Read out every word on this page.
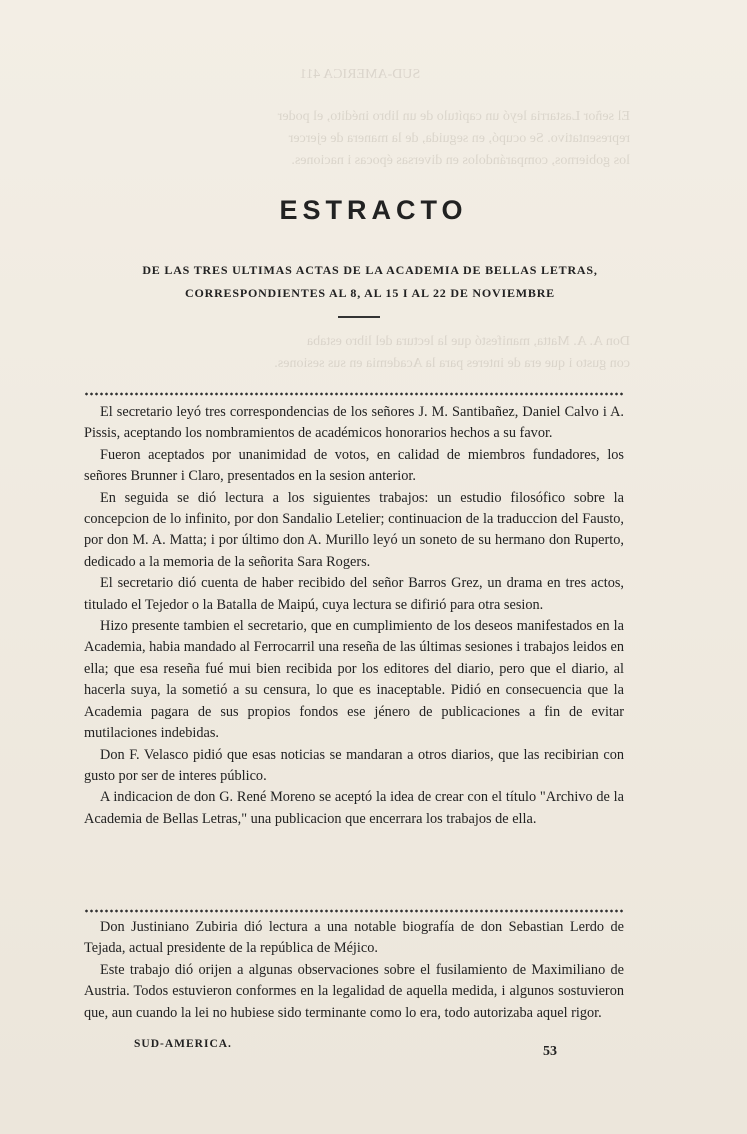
SUD-AMERICA 411
El señor Lastarria leyó un capítulo de un libro inédito, el poder
representativo. Se ocupó, en seguida, de la manera de ejercer
los gobiernos, comparándolos en diversas épocas i naciones.
Don A. A. Matta, manifestó que la lectura del libro estaba
con gusto i que era de interes para la Academia en sus sesiones.
ESTRACTO
DE LAS TRES ULTIMAS ACTAS DE LA ACADEMIA DE BELLAS LETRAS,
CORRESPONDIENTES AL 8, AL 15 I AL 22 DE NOVIEMBRE

El secretario leyó tres correspondencias de los señores J. M. Santibañez, Daniel Calvo i A. Pissis, aceptando los nombramientos de académicos honorarios hechos a su favor.

Fueron aceptados por unanimidad de votos, en calidad de miembros fundadores, los señores Brunner i Claro, presentados en la sesion anterior.

En seguida se dió lectura a los siguientes trabajos: un estudio filosófico sobre la concepcion de lo infinito, por don Sandalio Letelier; continuacion de la traduccion del Fausto, por don M. A. Matta; i por último don A. Murillo leyó un soneto de su hermano don Ruperto, dedicado a la memoria de la señorita Sara Rogers.

El secretario dió cuenta de haber recibido del señor Barros Grez, un drama en tres actos, titulado el Tejedor o la Batalla de Maipú, cuya lectura se difirió para otra sesion.

Hizo presente tambien el secretario, que en cumplimiento de los deseos manifestados en la Academia, habia mandado al Ferrocarril una reseña de las últimas sesiones i trabajos leidos en ella; que esa reseña fué mui bien recibida por los editores del diario, pero que el diario, al hacerla suya, la sometió a su censura, lo que es inaceptable. Pidió en consecuencia que la Academia pagara de sus propios fondos ese jénero de publicaciones a fin de evitar mutilaciones indebidas.

Don F. Velasco pidió que esas noticias se mandaran a otros diarios, que las recibirian con gusto por ser de interes público.

A indicacion de don G. René Moreno se aceptó la idea de crear con el título "Archivo de la Academia de Bellas Letras," una publicacion que encerrara los trabajos de ella.

Don Justiniano Zubiria dió lectura a una notable biografía de don Sebastian Lerdo de Tejada, actual presidente de la república de Méjico.

Este trabajo dió orijen a algunas observaciones sobre el fusilamiento de Maximiliano de Austria. Todos estuvieron conformes en la legalidad de aquella medida, i algunos sostuvieron que, aun cuando la lei no hubiese sido terminante como lo era, todo autorizaba aquel rigor.

SUD-AMERICA.	53
